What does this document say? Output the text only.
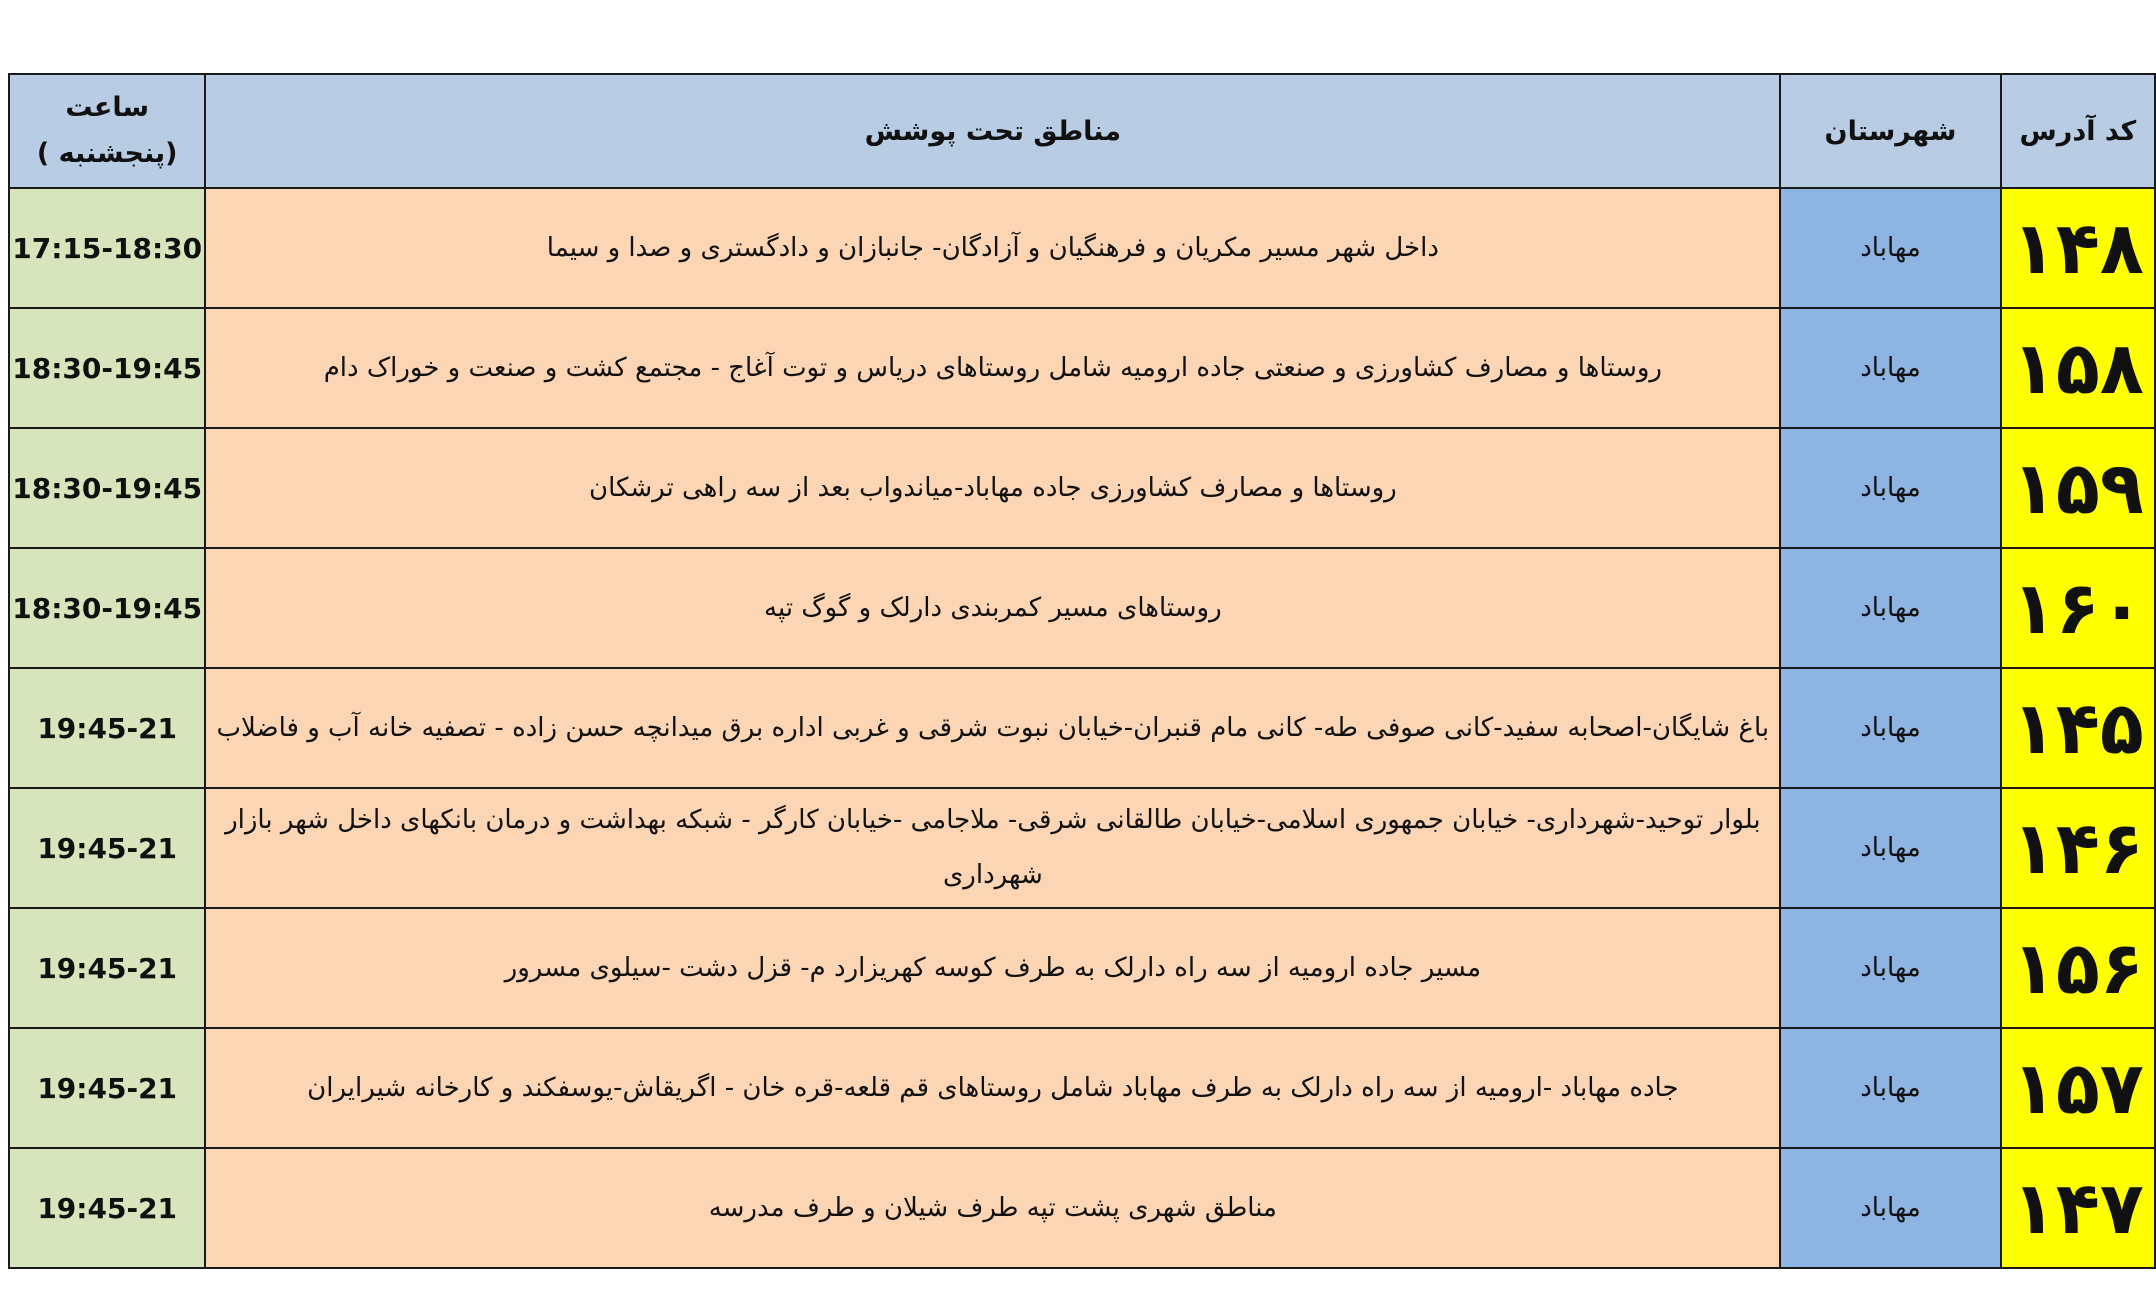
کد آدرس	شهرستان	مناطق تحت پوشش	ساعت
(پنجشنبه )

۱۴۸	مهاباد	داخل شهر مسیر مکریان و فرهنگیان و آزادگان- جانبازان و دادگستری و صدا و سیما	17:15-18:30
۱۵۸	مهاباد	روستاها و مصارف کشاورزی و صنعتی جاده ارومیه شامل روستاهای دریاس و توت آغاج - مجتمع کشت و صنعت و خوراک دام	18:30-19:45
۱۵۹	مهاباد	روستاها و مصارف کشاورزی جاده مهاباد-میاندواب بعد از سه راهی ترشکان	18:30-19:45
۱۶۰	مهاباد	روستاهای مسیر کمربندی دارلک و گوگ تپه	18:30-19:45
۱۴۵	مهاباد	باغ شایگان-اصحابه سفید-کانی صوفی طه- کانی مام قنبران-خیابان نبوت شرقی و غربی اداره برق میدانچه حسن زاده - تصفیه خانه آب و فاضلاب	19:45-21
۱۴۶	مهاباد	بلوار توحید-شهرداری- خیابان جمهوری اسلامی-خیابان طالقانی شرقی- ملاجامی -خیابان کارگر - شبکه بهداشت و درمان بانکهای داخل شهر بازار شهرداری	19:45-21
۱۵۶	مهاباد	مسیر جاده ارومیه از سه راه دارلک به طرف کوسه کهریزارد م- قزل دشت -سیلوی مسرور	19:45-21
۱۵۷	مهاباد	جاده مهاباد -ارومیه از سه راه دارلک به طرف مهاباد شامل روستاهای قم قلعه-قره خان - اگریقاش-یوسفکند و کارخانه شیرایران	19:45-21
۱۴۷	مهاباد	مناطق شهری پشت تپه طرف شیلان و طرف مدرسه	19:45-21
